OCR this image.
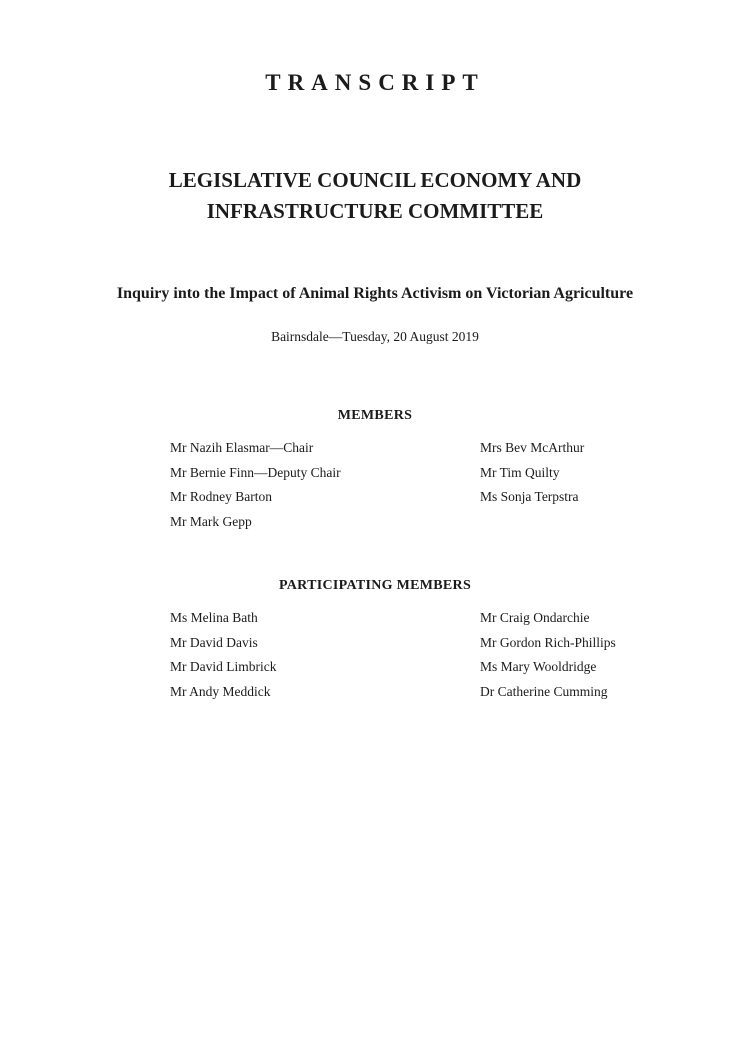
TRANSCRIPT
LEGISLATIVE COUNCIL ECONOMY AND
INFRASTRUCTURE COMMITTEE
Inquiry into the Impact of Animal Rights Activism on Victorian Agriculture

Bairnsdale—Tuesday, 20 August 2019

MEMBERS

Mr Nazih Elasmar—Chair

Mr Bernie Finn—Deputy Chair

Mr Rodney Barton

Mr Mark Gepp

Mrs Bev McArthur

Mr Tim Quilty

Ms Sonja Terpstra

PARTICIPATING MEMBERS

Ms Melina Bath

Mr David Davis

Mr David Limbrick

Mr Andy Meddick

Mr Craig Ondarchie

Mr Gordon Rich-Phillips

Ms Mary Wooldridge

Dr Catherine Cumming
